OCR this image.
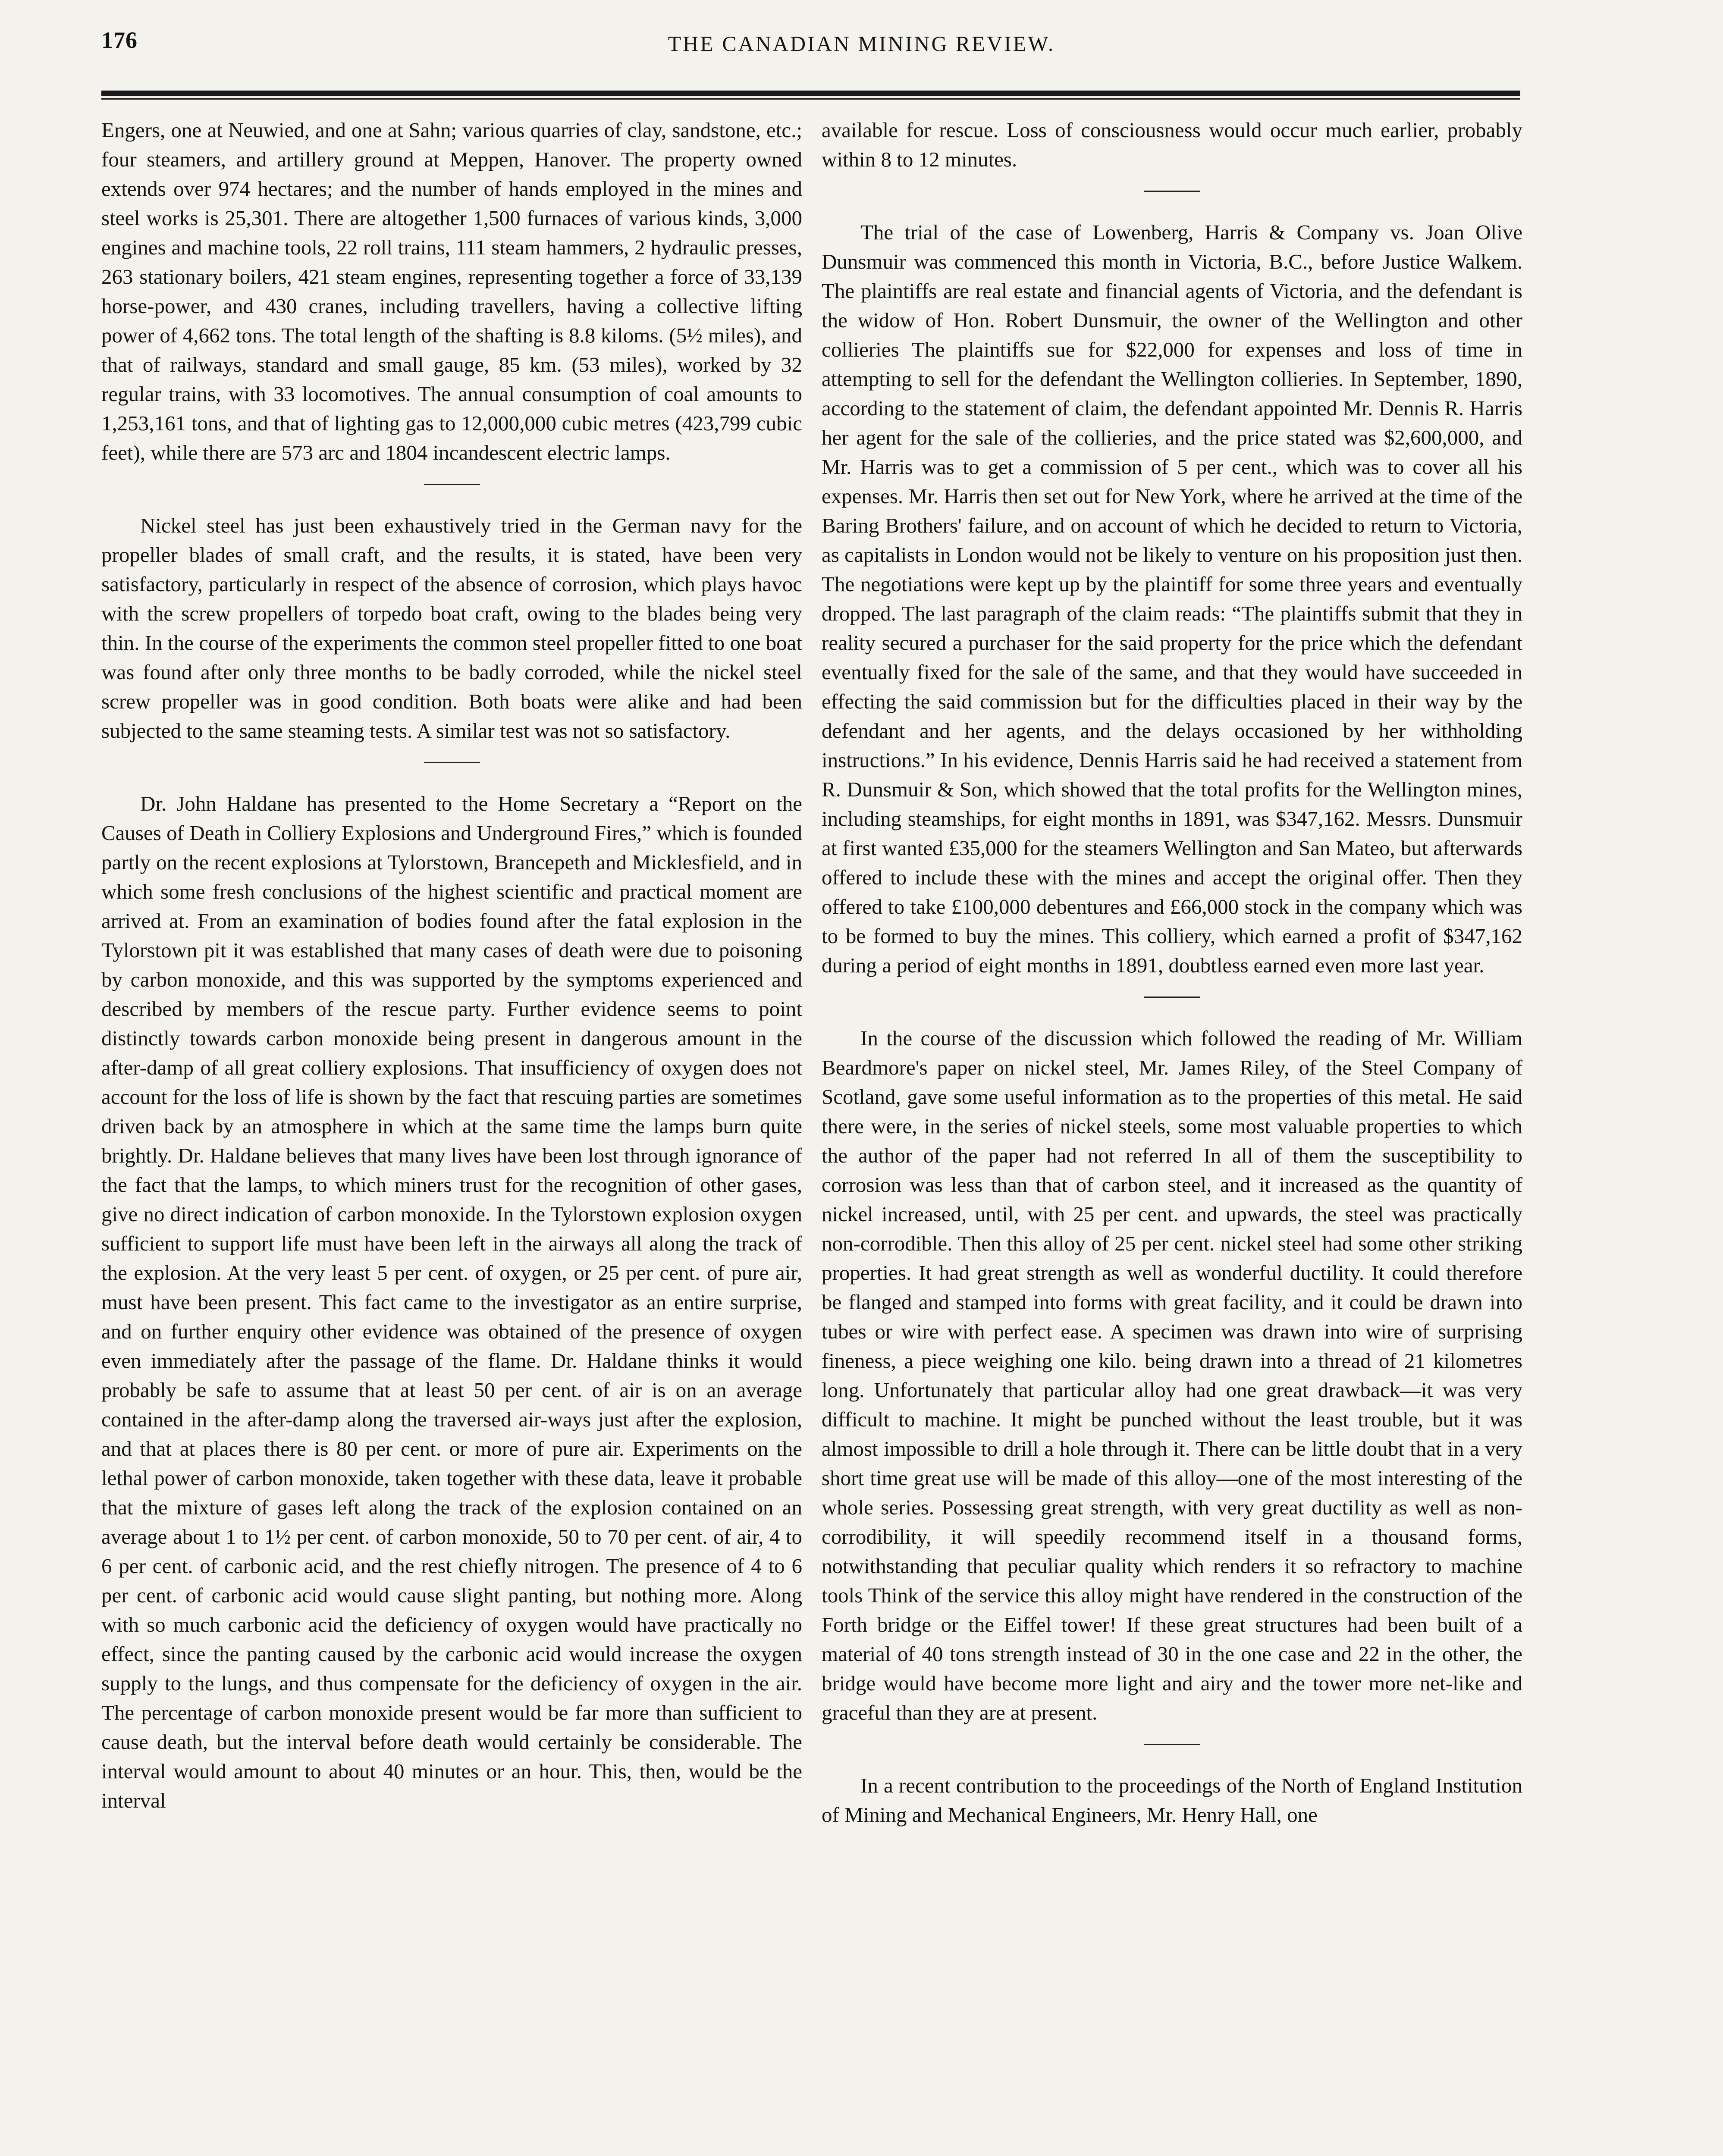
176	THE CANADIAN MINING REVIEW.

Engers, one at Neuwied, and one at Sahn; various quarries of clay, sandstone, etc.; four steamers, and artillery ground at Meppen, Hanover. The property owned extends over 974 hectares; and the number of hands employed in the mines and steel works is 25,301. There are altogether 1,500 furnaces of various kinds, 3,000 engines and machine tools, 22 roll trains, 111 steam hammers, 2 hydraulic presses, 263 stationary boilers, 421 steam engines, representing together a force of 33,139 horse-power, and 430 cranes, including travellers, having a collective lifting power of 4,662 tons. The total length of the shafting is 8.8 kiloms. (5½ miles), and that of railways, standard and small gauge, 85 km. (53 miles), worked by 32 regular trains, with 33 locomotives. The annual consumption of coal amounts to 1,253,161 tons, and that of lighting gas to 12,000,000 cubic metres (423,799 cubic feet), while there are 573 arc and 1804 incandescent electric lamps.

Nickel steel has just been exhaustively tried in the German navy for the propeller blades of small craft, and the results, it is stated, have been very satisfactory, particularly in respect of the absence of corrosion, which plays havoc with the screw propellers of torpedo boat craft, owing to the blades being very thin. In the course of the experiments the common steel propeller fitted to one boat was found after only three months to be badly corroded, while the nickel steel screw propeller was in good condition. Both boats were alike and had been subjected to the same steaming tests. A similar test was not so satisfactory.

Dr. John Haldane has presented to the Home Secretary a “Report on the Causes of Death in Colliery Explosions and Underground Fires,” which is founded partly on the recent explosions at Tylorstown, Brancepeth and Micklesfield, and in which some fresh conclusions of the highest scientific and practical moment are arrived at. From an examination of bodies found after the fatal explosion in the Tylorstown pit it was established that many cases of death were due to poisoning by carbon monoxide, and this was supported by the symptoms experienced and described by members of the rescue party. Further evidence seems to point distinctly towards carbon monoxide being present in dangerous amount in the after-damp of all great colliery explosions. That insufficiency of oxygen does not account for the loss of life is shown by the fact that rescuing parties are sometimes driven back by an atmosphere in which at the same time the lamps burn quite brightly. Dr. Haldane believes that many lives have been lost through ignorance of the fact that the lamps, to which miners trust for the recognition of other gases, give no direct indication of carbon monoxide. In the Tylorstown explosion oxygen sufficient to support life must have been left in the airways all along the track of the explosion. At the very least 5 per cent. of oxygen, or 25 per cent. of pure air, must have been present. This fact came to the investigator as an entire surprise, and on further enquiry other evidence was obtained of the presence of oxygen even immediately after the passage of the flame. Dr. Haldane thinks it would probably be safe to assume that at least 50 per cent. of air is on an average contained in the after-damp along the traversed air-ways just after the explosion, and that at places there is 80 per cent. or more of pure air. Experiments on the lethal power of carbon monoxide, taken together with these data, leave it probable that the mixture of gases left along the track of the explosion contained on an average about 1 to 1½ per cent. of carbon monoxide, 50 to 70 per cent. of air, 4 to 6 per cent. of carbonic acid, and the rest chiefly nitrogen. The presence of 4 to 6 per cent. of carbonic acid would cause slight panting, but nothing more. Along with so much carbonic acid the deficiency of oxygen would have practically no effect, since the panting caused by the carbonic acid would increase the oxygen supply to the lungs, and thus compensate for the deficiency of oxygen in the air. The percentage of carbon monoxide present would be far more than sufficient to cause death, but the interval before death would certainly be considerable. The interval would amount to about 40 minutes or an hour. This, then, would be the interval

available for rescue. Loss of consciousness would occur much earlier, probably within 8 to 12 minutes.

The trial of the case of Lowenberg, Harris & Company vs. Joan Olive Dunsmuir was commenced this month in Victoria, B.C., before Justice Walkem. The plaintiffs are real estate and financial agents of Victoria, and the defendant is the widow of Hon. Robert Dunsmuir, the owner of the Wellington and other collieries The plaintiffs sue for $22,000 for expenses and loss of time in attempting to sell for the defendant the Wellington collieries. In September, 1890, according to the statement of claim, the defendant appointed Mr. Dennis R. Harris her agent for the sale of the collieries, and the price stated was $2,600,000, and Mr. Harris was to get a commission of 5 per cent., which was to cover all his expenses. Mr. Harris then set out for New York, where he arrived at the time of the Baring Brothers' failure, and on account of which he decided to return to Victoria, as capitalists in London would not be likely to venture on his proposition just then. The negotiations were kept up by the plaintiff for some three years and eventually dropped. The last paragraph of the claim reads: “The plaintiffs submit that they in reality secured a purchaser for the said property for the price which the defendant eventually fixed for the sale of the same, and that they would have succeeded in effecting the said commission but for the difficulties placed in their way by the defendant and her agents, and the delays occasioned by her withholding instructions.” In his evidence, Dennis Harris said he had received a statement from R. Dunsmuir & Son, which showed that the total profits for the Wellington mines, including steamships, for eight months in 1891, was $347,162. Messrs. Dunsmuir at first wanted £35,000 for the steamers Wellington and San Mateo, but afterwards offered to include these with the mines and accept the original offer. Then they offered to take £100,000 debentures and £66,000 stock in the company which was to be formed to buy the mines. This colliery, which earned a profit of $347,162 during a period of eight months in 1891, doubtless earned even more last year.

In the course of the discussion which followed the reading of Mr. William Beardmore's paper on nickel steel, Mr. James Riley, of the Steel Company of Scotland, gave some useful information as to the properties of this metal. He said there were, in the series of nickel steels, some most valuable properties to which the author of the paper had not referred In all of them the susceptibility to corrosion was less than that of carbon steel, and it increased as the quantity of nickel increased, until, with 25 per cent. and upwards, the steel was practically non-corrodible. Then this alloy of 25 per cent. nickel steel had some other striking properties. It had great strength as well as wonderful ductility. It could therefore be flanged and stamped into forms with great facility, and it could be drawn into tubes or wire with perfect ease. A specimen was drawn into wire of surprising fineness, a piece weighing one kilo. being drawn into a thread of 21 kilometres long. Unfortunately that particular alloy had one great drawback—it was very difficult to machine. It might be punched without the least trouble, but it was almost impossible to drill a hole through it. There can be little doubt that in a very short time great use will be made of this alloy—one of the most interesting of the whole series. Possessing great strength, with very great ductility as well as non-corrodibility, it will speedily recommend itself in a thousand forms, notwithstanding that peculiar quality which renders it so refractory to machine tools Think of the service this alloy might have rendered in the construction of the Forth bridge or the Eiffel tower! If these great structures had been built of a material of 40 tons strength instead of 30 in the one case and 22 in the other, the bridge would have become more light and airy and the tower more net-like and graceful than they are at present.

In a recent contribution to the proceedings of the North of England Institution of Mining and Mechanical Engineers, Mr. Henry Hall, one
